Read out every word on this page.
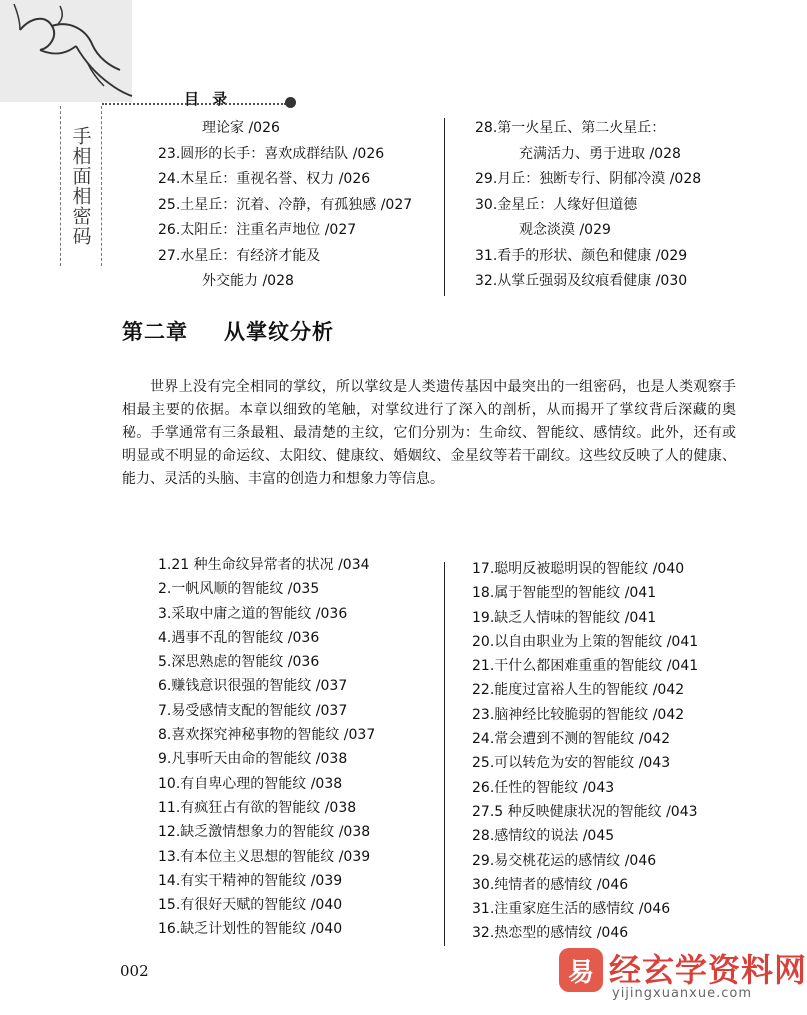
手相面相密码
目 录
理论家 /026
23.圆形的长手：喜欢成群结队 /026
24.木星丘：重视名誉、权力 /026
25.土星丘：沉着、冷静，有孤独感 /027
26.太阳丘：注重名声地位 /027
27.水星丘：有经济才能及
外交能力 /028
28.第一火星丘、第二火星丘：
充满活力、勇于进取 /028
29.月丘：独断专行、阴郁冷漠 /028
30.金星丘：人缘好但道德
观念淡漠 /029
31.看手的形状、颜色和健康 /029
32.从掌丘强弱及纹痕看健康 /030
第二章 从掌纹分析
世界上没有完全相同的掌纹，所以掌纹是人类遗传基因中最突出的一组密码，也是人类观察手相最主要的依据。本章以细致的笔触，对掌纹进行了深入的剖析，从而揭开了掌纹背后深藏的奥秘。手掌通常有三条最粗、最清楚的主纹，它们分别为：生命纹、智能纹、感情纹。此外，还有或明显或不明显的命运纹、太阳纹、健康纹、婚姻纹、金星纹等若干副纹。这些纹反映了人的健康、能力、灵活的头脑、丰富的创造力和想象力等信息。
1.21 种生命纹异常者的状况 /034
2.一帆风顺的智能纹 /035
3.采取中庸之道的智能纹 /036
4.遇事不乱的智能纹 /036
5.深思熟虑的智能纹 /036
6.赚钱意识很强的智能纹 /037
7.易受感情支配的智能纹 /037
8.喜欢探究神秘事物的智能纹 /037
9.凡事听天由命的智能纹 /038
10.有自卑心理的智能纹 /038
11.有疯狂占有欲的智能纹 /038
12.缺乏激情想象力的智能纹 /038
13.有本位主义思想的智能纹 /039
14.有实干精神的智能纹 /039
15.有很好天赋的智能纹 /040
16.缺乏计划性的智能纹 /040
17.聪明反被聪明误的智能纹 /040
18.属于智能型的智能纹 /041
19.缺乏人情味的智能纹 /041
20.以自由职业为上策的智能纹 /041
21.干什么都困难重重的智能纹 /041
22.能度过富裕人生的智能纹 /042
23.脑神经比较脆弱的智能纹 /042
24.常会遭到不测的智能纹 /042
25.可以转危为安的智能纹 /043
26.任性的智能纹 /043
27.5 种反映健康状况的智能纹 /043
28.感情纹的说法 /045
29.易交桃花运的感情纹 /046
30.纯情者的感情纹 /046
31.注重家庭生活的感情纹 /046
32.热恋型的感情纹 /046
002	易 经玄学资料网
yijingxuanxue.com
